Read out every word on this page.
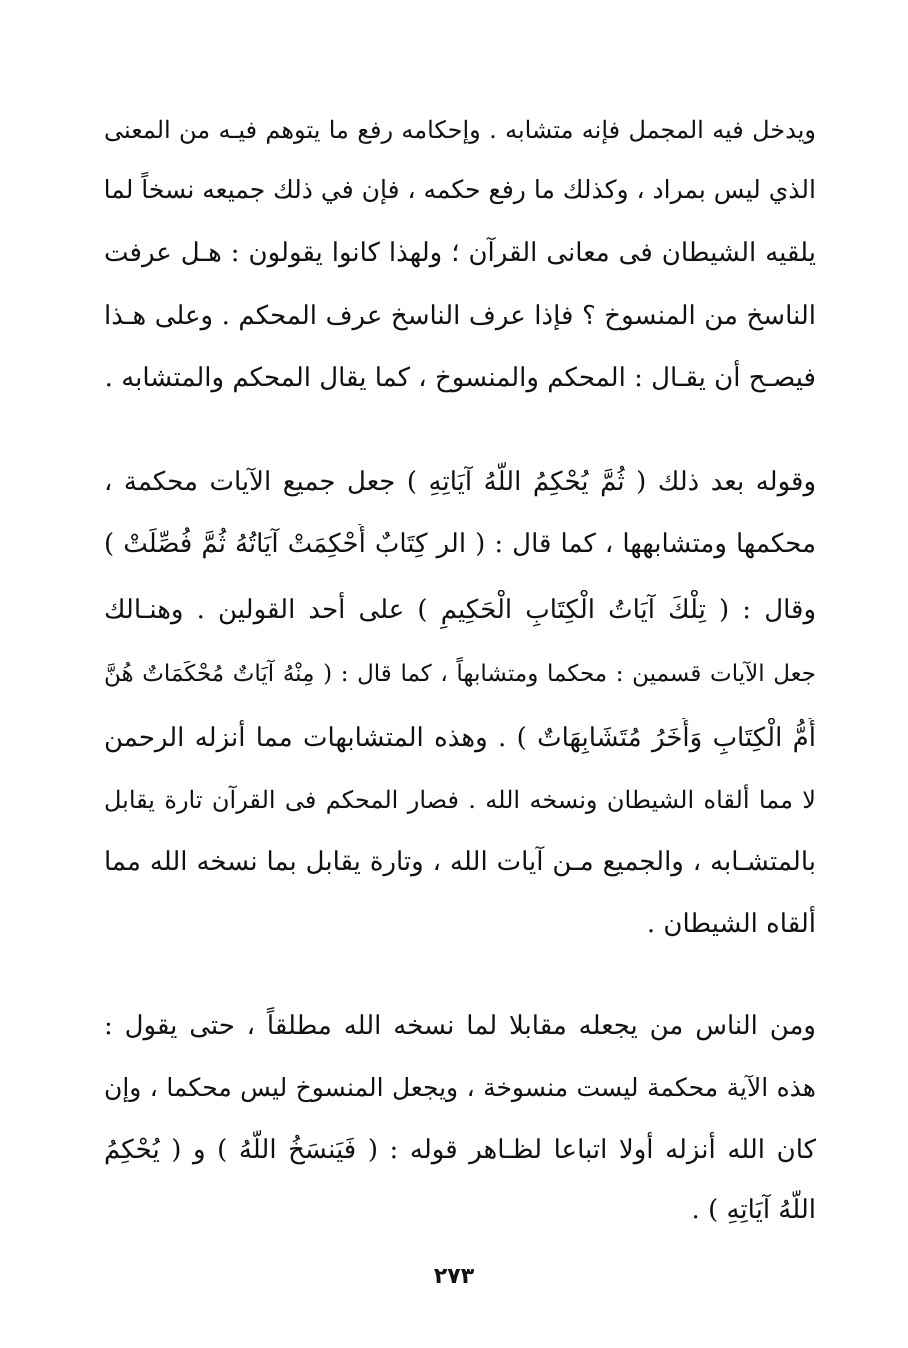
ويدخل فيه المجمل فإنه متشابه . وإحكامه رفع ما يتوهم فيـه من المعنى
الذي ليس بمراد ، وكذلك ما رفع حكمه ، فإن في ذلك جميعه نسخاً لما
يلقيه الشيطان فى معانى القرآن ؛ ولهذا كانوا يقولون : هـل عرفت
الناسخ من المنسوخ ؟ فإذا عرف الناسخ عرف المحكم . وعلى هـذا
فيصـح أن يقـال : المحكم والمنسوخ ، كما يقال المحكم والمتشابه .
وقوله بعد ذلك ( ثُمَّ يُحْكِمُ اللَّهُ آيَاتِهِ ) جعل جميع الآيات محكمة ،
محكمها ومتشابهها ، كما قال : ( الر كِتَابٌ أُحْكِمَتْ آيَاتُهُ ثُمَّ فُصِّلَتْ )
وقال : ( تِلْكَ آيَاتُ الْكِتَابِ الْحَكِيمِ ) على أحد القولين . وهنـالك
جعل الآيات قسمين : محكما ومتشابهاً ، كما قال : ( مِنْهُ آيَاتٌ مُحْكَمَاتٌ هُنَّ
أُمُّ الْكِتَابِ وَأُخَرُ مُتَشَابِهَاتٌ ) . وهذه المتشابهات مما أنزله الرحمن
لا مما ألقاه الشيطان ونسخه الله . فصار المحكم فى القرآن تارة يقابل
بالمتشـابه ، والجميع مـن آيات الله ، وتارة يقابل بما نسخه الله مما
ألقاه الشيطان .
ومن الناس من يجعله مقابلا لما نسخه الله مطلقاً ، حتى يقول :
هذه الآية محكمة ليست منسوخة ، ويجعل المنسوخ ليس محكما ، وإن
كان الله أنزله أولا اتباعا لظـاهر قوله : ( فَيَنسَخُ اللَّهُ ) و ( يُحْكِمُ
اللَّهُ آيَاتِهِ ) .
٢٧٣
